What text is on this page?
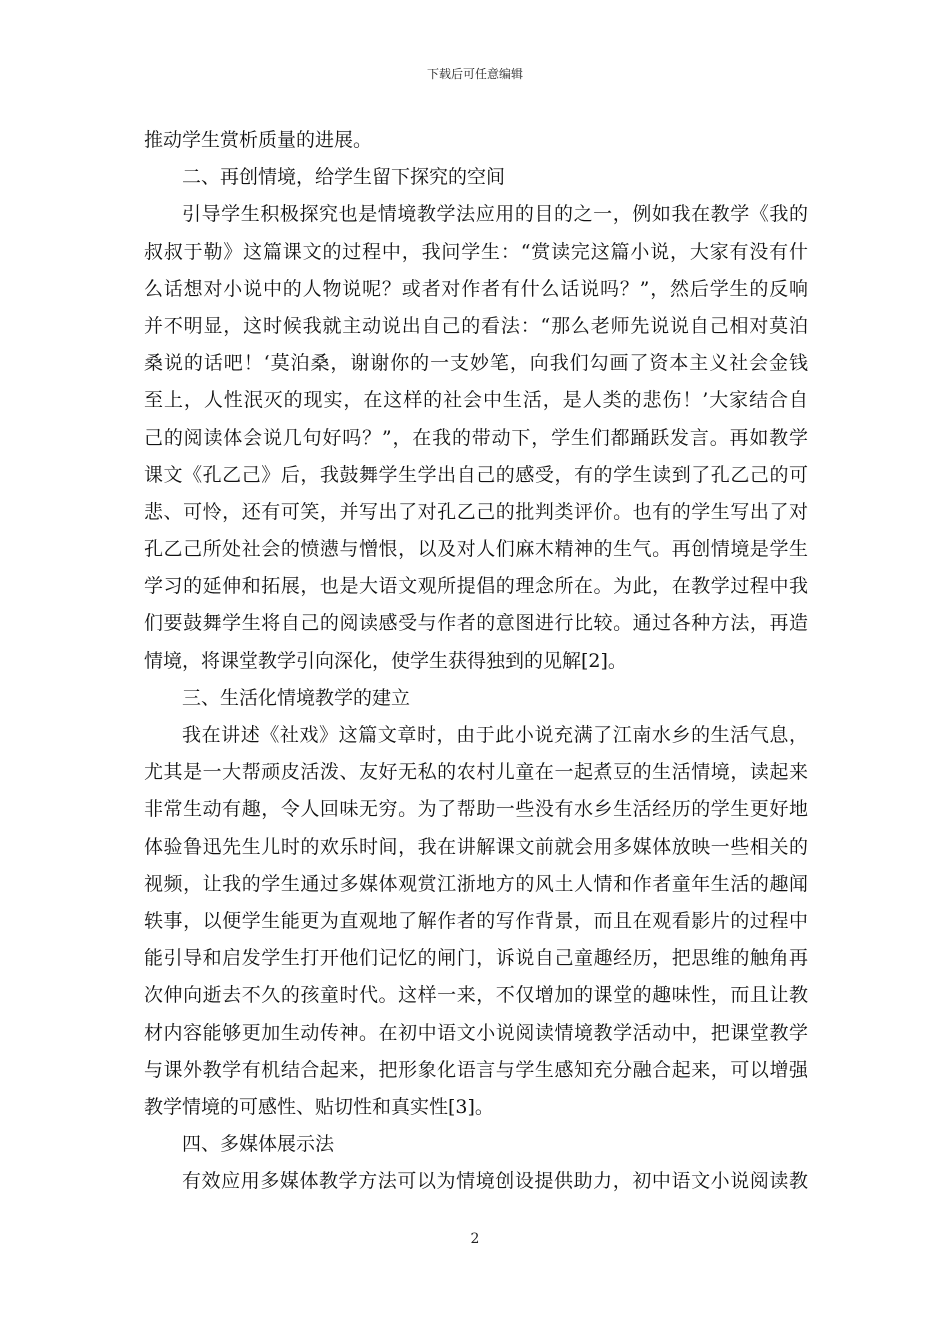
下载后可任意编辑
推动学生赏析质量的进展。
二、再创情境，给学生留下探究的空间
引导学生积极探究也是情境教学法应用的目的之一，例如我在教学《我的
叔叔于勒》这篇课文的过程中，我问学生：“赏读完这篇小说，大家有没有什
么话想对小说中的人物说呢？或者对作者有什么话说吗？”，然后学生的反响
并不明显，这时候我就主动说出自己的看法：“那么老师先说说自己相对莫泊
桑说的话吧！‘莫泊桑，谢谢你的一支妙笔，向我们勾画了资本主义社会金钱
至上，人性泯灭的现实，在这样的社会中生活，是人类的悲伤！’大家结合自
己的阅读体会说几句好吗？”，在我的带动下，学生们都踊跃发言。再如教学
课文《孔乙己》后，我鼓舞学生学出自己的感受，有的学生读到了孔乙己的可
悲、可怜，还有可笑，并写出了对孔乙己的批判类评价。也有的学生写出了对
孔乙己所处社会的愤懑与憎恨，以及对人们麻木精神的生气。再创情境是学生
学习的延伸和拓展，也是大语文观所提倡的理念所在。为此，在教学过程中我
们要鼓舞学生将自己的阅读感受与作者的意图进行比较。通过各种方法，再造
情境，将课堂教学引向深化，使学生获得独到的见解[2]。
三、生活化情境教学的建立
我在讲述《社戏》这篇文章时，由于此小说充满了江南水乡的生活气息，
尤其是一大帮顽皮活泼、友好无私的农村儿童在一起煮豆的生活情境，读起来
非常生动有趣，令人回味无穷。为了帮助一些没有水乡生活经历的学生更好地
体验鲁迅先生儿时的欢乐时间，我在讲解课文前就会用多媒体放映一些相关的
视频，让我的学生通过多媒体观赏江浙地方的风土人情和作者童年生活的趣闻
轶事，以便学生能更为直观地了解作者的写作背景，而且在观看影片的过程中
能引导和启发学生打开他们记忆的闸门，诉说自己童趣经历，把思维的触角再
次伸向逝去不久的孩童时代。这样一来，不仅增加的课堂的趣味性，而且让教
材内容能够更加生动传神。在初中语文小说阅读情境教学活动中，把课堂教学
与课外教学有机结合起来，把形象化语言与学生感知充分融合起来，可以增强
教学情境的可感性、贴切性和真实性[3]。
四、多媒体展示法
有效应用多媒体教学方法可以为情境创设提供助力，初中语文小说阅读教
2
